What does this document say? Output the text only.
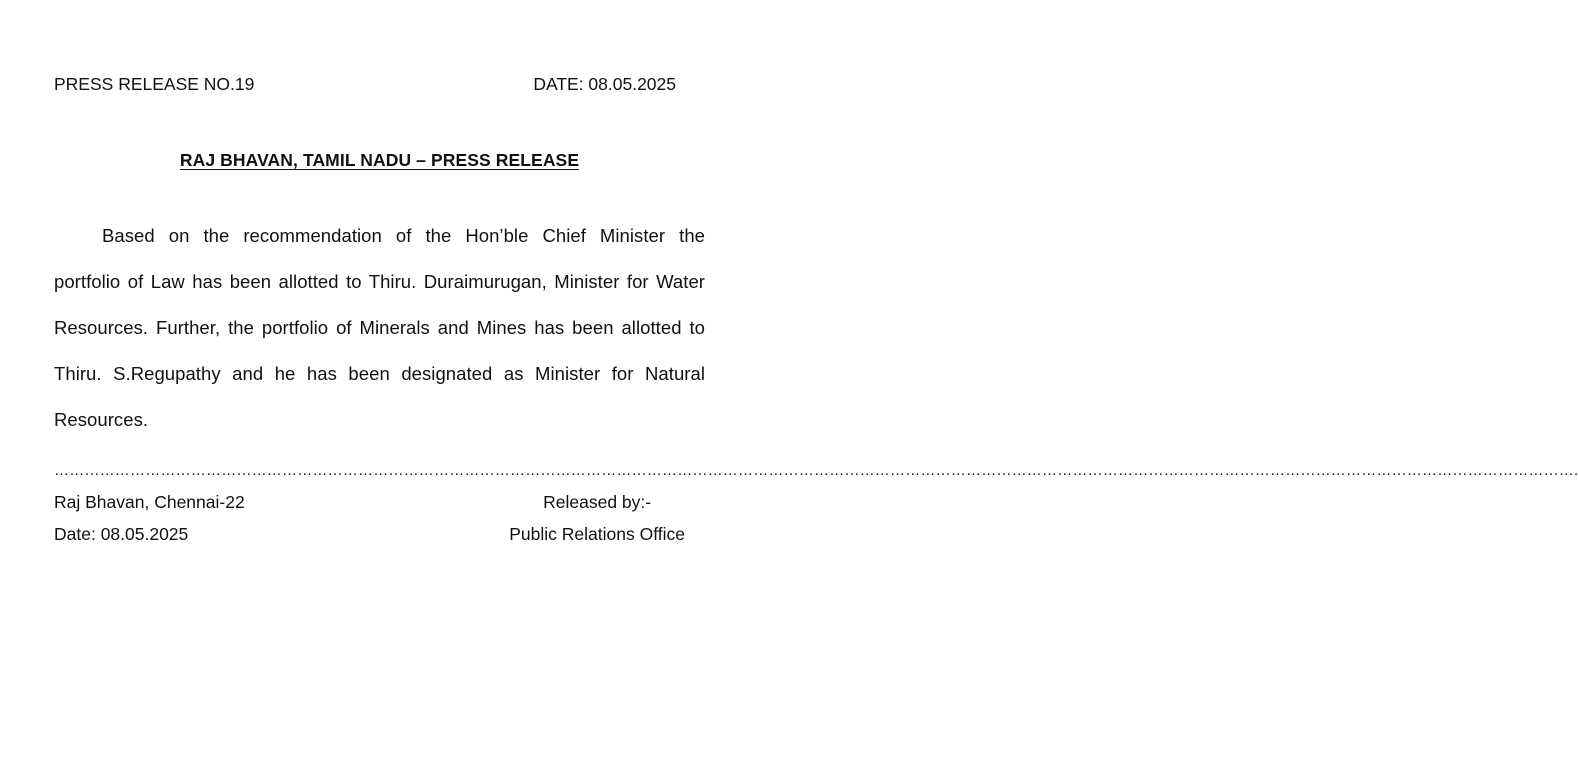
PRESS RELEASE NO.19	DATE: 08.05.2025
RAJ BHAVAN, TAMIL NADU – PRESS RELEASE

Based on the recommendation of the Hon’ble Chief Minister the portfolio of Law has been allotted to Thiru. Duraimurugan, Minister for Water Resources. Further, the portfolio of Minerals and Mines has been allotted to Thiru. S.Regupathy and he has been designated as Minister for Natural Resources.

………………………………………………………………………………………………………………………………………………………………………………………………………………………………………………………………………….
Raj Bhavan, Chennai-22
Date: 08.05.2025
Released by:-
Public Relations Office
